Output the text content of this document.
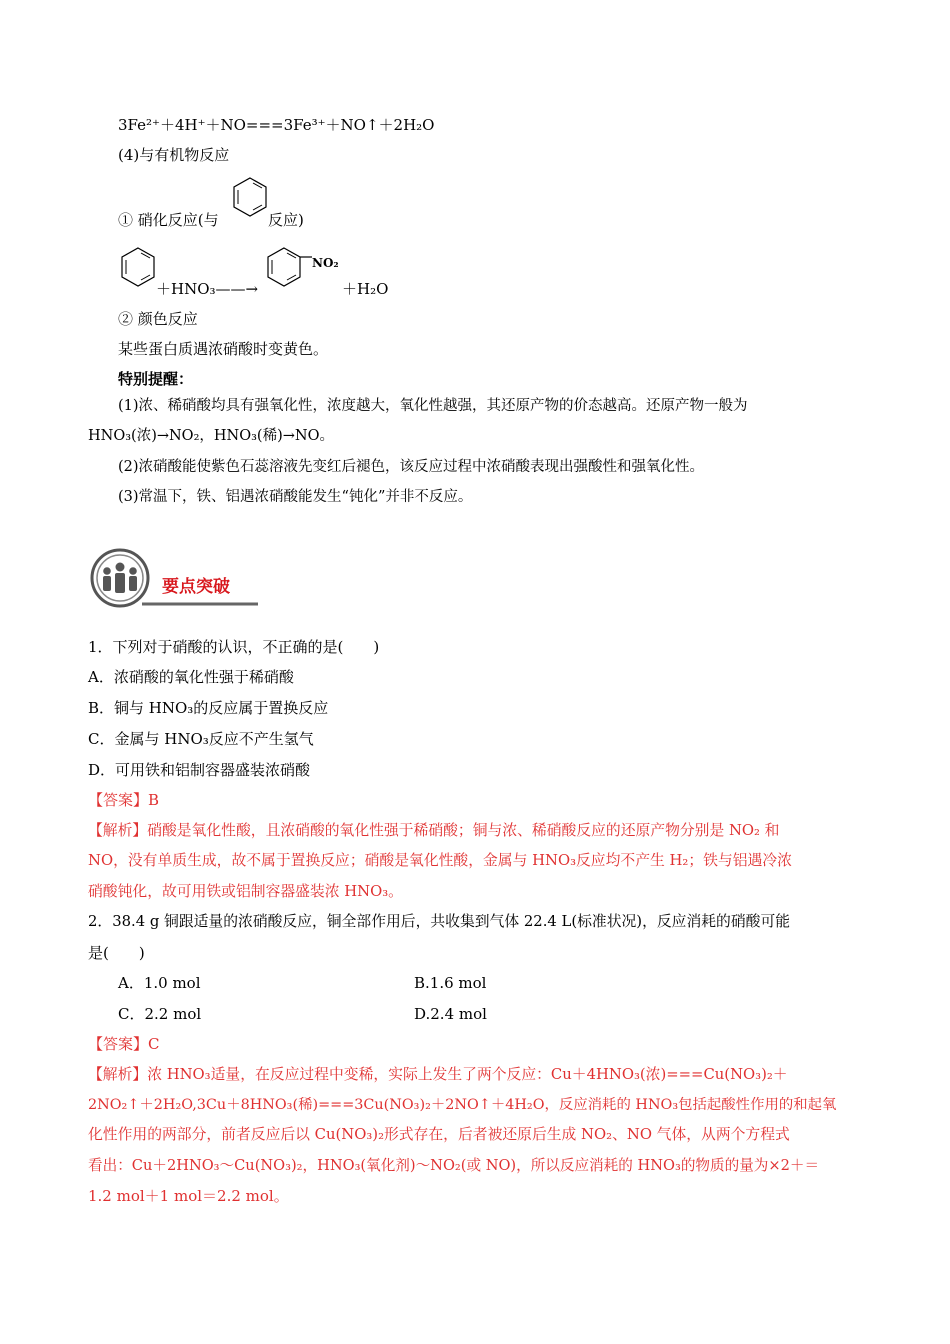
3Fe²⁺＋4H⁺＋NO===3Fe³⁺＋NO↑＋2H₂O
(4)与有机物反应
① 硝化反应(与	反应)
＋HNO₃——→
NO₂
＋H₂O
② 颜色反应
某些蛋白质遇浓硝酸时变黄色。
特别提醒：
(1)浓、稀硝酸均具有强氧化性，浓度越大，氧化性越强，其还原产物的价态越高。还原产物一般为
HNO₃(浓)→NO₂，HNO₃(稀)→NO。
(2)浓硝酸能使紫色石蕊溶液先变红后褪色，该反应过程中浓硝酸表现出强酸性和强氧化性。
(3)常温下，铁、铝遇浓硝酸能发生“钝化”并非不反应。
要点突破
1．下列对于硝酸的认识，不正确的是(　　)
A．浓硝酸的氧化性强于稀硝酸
B．铜与 HNO₃的反应属于置换反应
C．金属与 HNO₃反应不产生氢气
D．可用铁和铝制容器盛装浓硝酸
【答案】B
【解析】硝酸是氧化性酸，且浓硝酸的氧化性强于稀硝酸；铜与浓、稀硝酸反应的还原产物分别是 NO₂ 和
NO，没有单质生成，故不属于置换反应；硝酸是氧化性酸，金属与 HNO₃反应均不产生 H₂；铁与铝遇冷浓
硝酸钝化，故可用铁或铝制容器盛装浓 HNO₃。
2．38.4 g 铜跟适量的浓硝酸反应，铜全部作用后，共收集到气体 22.4 L(标准状况)，反应消耗的硝酸可能
是(　　)
A．1.0 mol	B.1.6 mol
C．2.2 mol	D.2.4 mol
【答案】C
【解析】浓 HNO₃适量，在反应过程中变稀，实际上发生了两个反应：Cu＋4HNO₃(浓)===Cu(NO₃)₂＋
2NO₂↑＋2H₂O,3Cu＋8HNO₃(稀)===3Cu(NO₃)₂＋2NO↑＋4H₂O，反应消耗的 HNO₃包括起酸性作用的和起氧
化性作用的两部分，前者反应后以 Cu(NO₃)₂形式存在，后者被还原后生成 NO₂、NO 气体，从两个方程式
看出：Cu＋2HNO₃～Cu(NO₃)₂，HNO₃(氧化剂)～NO₂(或 NO)，所以反应消耗的 HNO₃的物质的量为×2＋＝
1.2 mol＋1 mol＝2.2 mol。
